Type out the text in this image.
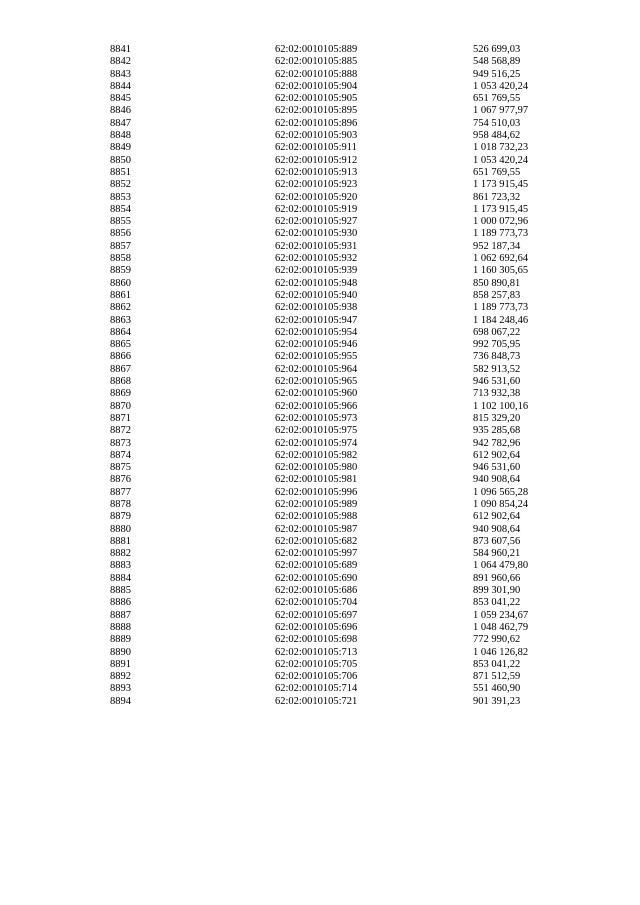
8841	62:02:0010105:889	526 699,03
8842	62:02:0010105:885	548 568,89
8843	62:02:0010105:888	949 516,25
8844	62:02:0010105:904	1 053 420,24
8845	62:02:0010105:905	651 769,55
8846	62:02:0010105:895	1 067 977,97
8847	62:02:0010105:896	754 510,03
8848	62:02:0010105:903	958 484,62
8849	62:02:0010105:911	1 018 732,23
8850	62:02:0010105:912	1 053 420,24
8851	62:02:0010105:913	651 769,55
8852	62:02:0010105:923	1 173 915,45
8853	62:02:0010105:920	861 723,32
8854	62:02:0010105:919	1 173 915,45
8855	62:02:0010105:927	1 000 072,96
8856	62:02:0010105:930	1 189 773,73
8857	62:02:0010105:931	952 187,34
8858	62:02:0010105:932	1 062 692,64
8859	62:02:0010105:939	1 160 305,65
8860	62:02:0010105:948	850 890,81
8861	62:02:0010105:940	858 257,83
8862	62:02:0010105:938	1 189 773,73
8863	62:02:0010105:947	1 184 248,46
8864	62:02:0010105:954	698 067,22
8865	62:02:0010105:946	992 705,95
8866	62:02:0010105:955	736 848,73
8867	62:02:0010105:964	582 913,52
8868	62:02:0010105:965	946 531,60
8869	62:02:0010105:960	713 932,38
8870	62:02:0010105:966	1 102 100,16
8871	62:02:0010105:973	815 329,20
8872	62:02:0010105:975	935 285,68
8873	62:02:0010105:974	942 782,96
8874	62:02:0010105:982	612 902,64
8875	62:02:0010105:980	946 531,60
8876	62:02:0010105:981	940 908,64
8877	62:02:0010105:996	1 096 565,28
8878	62:02:0010105:989	1 090 854,24
8879	62:02:0010105:988	612 902,64
8880	62:02:0010105:987	940 908,64
8881	62:02:0010105:682	873 607,56
8882	62:02:0010105:997	584 960,21
8883	62:02:0010105:689	1 064 479,80
8884	62:02:0010105:690	891 960,66
8885	62:02:0010105:686	899 301,90
8886	62:02:0010105:704	853 041,22
8887	62:02:0010105:697	1 059 234,67
8888	62:02:0010105:696	1 048 462,79
8889	62:02:0010105:698	772 990,62
8890	62:02:0010105:713	1 046 126,82
8891	62:02:0010105:705	853 041,22
8892	62:02:0010105:706	871 512,59
8893	62:02:0010105:714	551 460,90
8894	62:02:0010105:721	901 391,23
